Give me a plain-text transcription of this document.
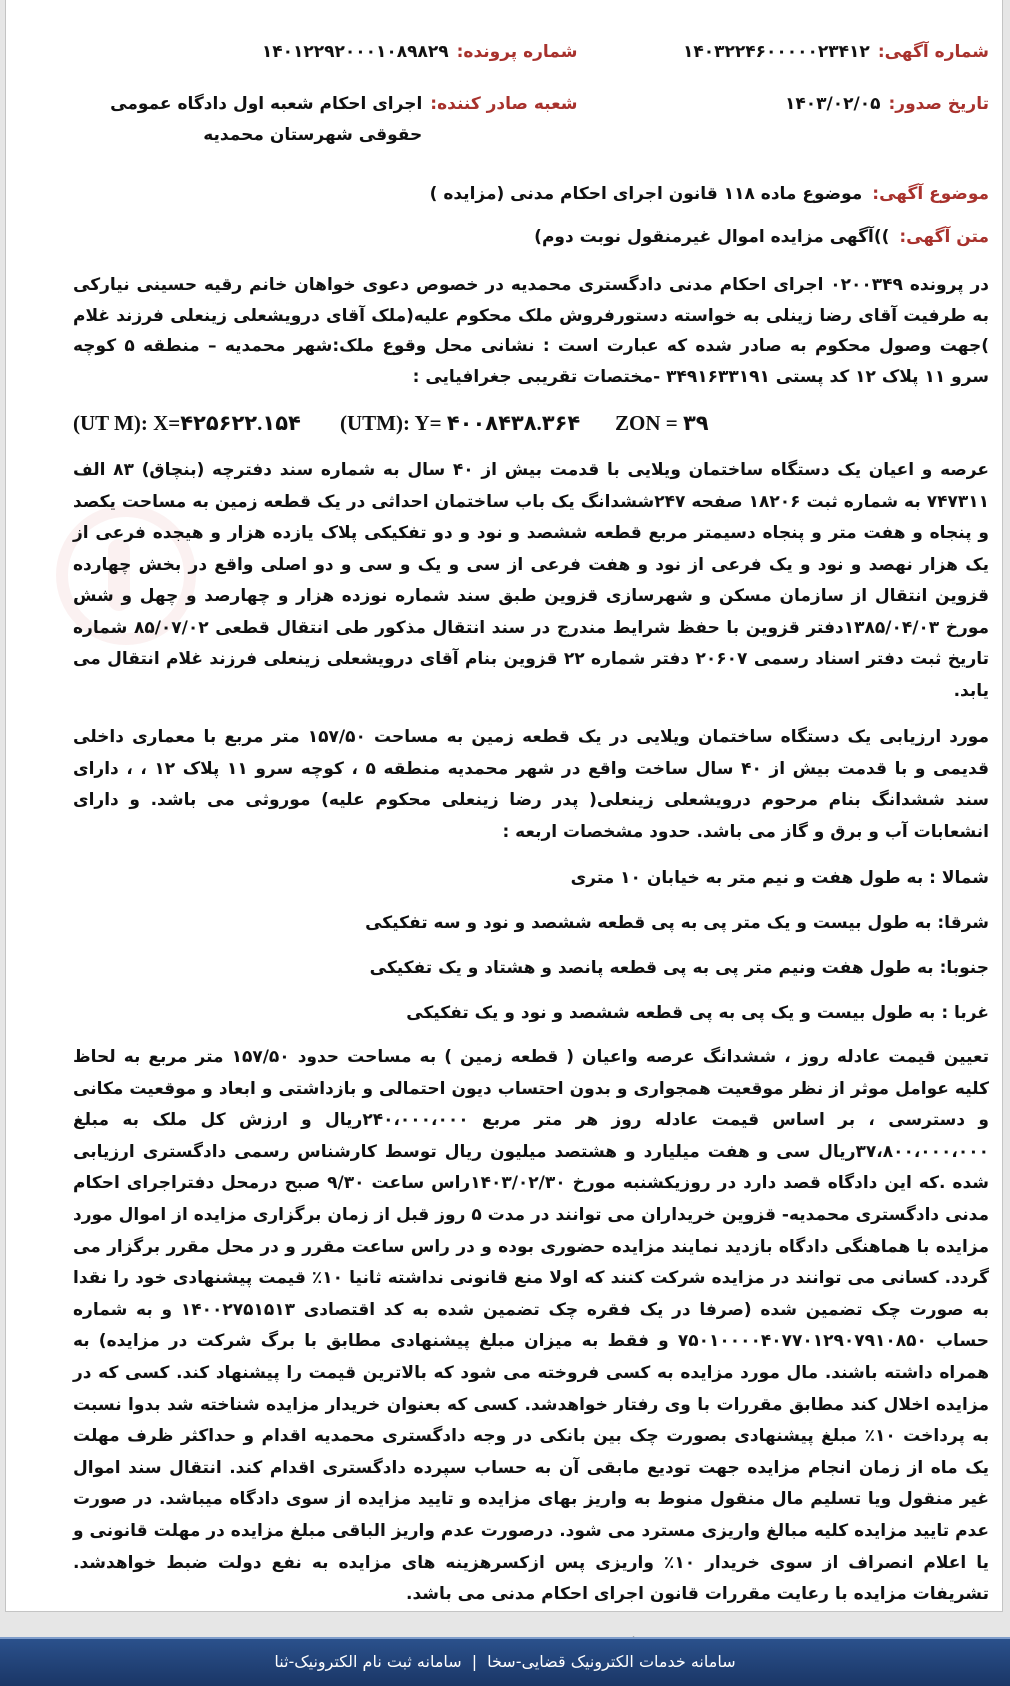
شماره آگهی:
۱۴۰۳۲۲۴۶۰۰۰۰۰۲۳۴۱۲
شماره پرونده:
۱۴۰۱۲۲۹۲۰۰۰۱۰۸۹۸۲۹
تاریخ صدور:
۱۴۰۳/۰۲/۰۵
شعبه صادر کننده:
اجرای احکام شعبه اول دادگاه عمومی حقوقی شهرستان محمدیه
موضوع آگهی:
موضوع ماده ۱۱۸ قانون اجرای احکام مدنی (مزایده )
متن آگهی:
))آگهی مزایده اموال غیرمنقول نوبت دوم)

در پرونده ۰۲۰۰۳۴۹ اجرای احکام مدنی دادگستری محمدیه در خصوص دعوی خواهان خانم رقیه حسینی نیارکی به طرفیت آقای رضا زینلی به خواسته دستورفروش ملک محکوم علیه(ملک آقای درویشعلی زینعلی فرزند غلام )جهت وصول محکوم به صادر شده که عبارت است : نشانی محل وقوع ملک:شهر محمدیه – منطقه ۵ کوچه سرو ۱۱ پلاک ۱۲ کد پستی ۳۴۹۱۶۳۳۱۹۱ -مختصات تقریبی جغرافیایی :

(UT M): X=۴۲۵۶۲۲.۱۵۴ (UTM): Y= ۴۰۰۸۴۳۸.۳۶۴ ZON = ۳۹

عرصه و اعیان یک دستگاه ساختمان ویلایی با قدمت بیش از ۴۰ سال به شماره سند دفترچه (بنچاق) ۸۳ الف ۷۴۷۳۱۱ به شماره ثبت ۱۸۲۰۶ صفحه ۲۴۷ششدانگ یک باب ساختمان احداثی در یک قطعه زمین به مساحت یکصد و پنجاه و هفت متر و پنجاه دسیمتر مربع قطعه ششصد و نود و دو تفکیکی پلاک یازده هزار و هیجده فرعی از یک هزار نهصد و نود و یک فرعی از نود و هفت فرعی از سی و یک و سی و دو اصلی واقع در بخش چهارده قزوین انتقال از سازمان مسکن و شهرسازی قزوین طبق سند شماره نوزده هزار و چهارصد و چهل و شش مورخ ۱۳۸۵/۰۴/۰۳دفتر قزوین با حفظ شرایط مندرج در سند انتقال مذکور طی انتقال قطعی ۸۵/۰۷/۰۲ شماره تاریخ ثبت دفتر اسناد رسمی ۲۰۶۰۷ دفتر شماره ۲۲ قزوین بنام آقای درویشعلی زینعلی فرزند غلام انتقال می یابد.

مورد ارزیابی یک دستگاه ساختمان ویلایی در یک قطعه زمین به مساحت ۱۵۷/۵۰ متر مربع با معماری داخلی قدیمی و با قدمت بیش از ۴۰ سال ساخت واقع در شهر محمدیه منطقه ۵ ، کوچه سرو ۱۱ پلاک ۱۲ ، ، دارای سند ششدانگ بنام مرحوم درویشعلی زینعلی( پدر رضا زینعلی محکوم علیه) موروثی می باشد. و دارای انشعابات آب و برق و گاز می باشد. حدود مشخصات اربعه :

شمالا : به طول هفت و نیم متر به خیابان ۱۰ متری
شرقا: به طول بیست و یک متر پی به پی قطعه ششصد و نود و سه تفکیکی
جنوبا: به طول هفت ونیم متر پی به پی قطعه پانصد و هشتاد و یک تفکیکی
غربا : به طول بیست و یک پی به پی قطعه ششصد و نود و یک تفکیکی

تعیین قیمت عادله روز ، ششدانگ عرصه واعیان ( قطعه زمین ) به مساحت حدود ۱۵۷/۵۰ متر مربع به لحاظ کلیه عوامل موثر از نظر موقعیت همجواری و بدون احتساب دیون احتمالی و بازداشتی و ابعاد و موقعیت مکانی و دسترسی ، بر اساس قیمت عادله روز هر متر مربع ۲۴۰،۰۰۰،۰۰۰ریال و ارزش کل ملک به مبلغ ۳۷،۸۰۰،۰۰۰،۰۰۰ریال سی و هفت میلیارد و هشتصد میلیون ریال توسط کارشناس رسمی دادگستری ارزیابی شده .که این دادگاه قصد دارد در روزیکشنبه مورخ ۱۴۰۳/۰۲/۳۰راس ساعت ۹/۳۰ صبح درمحل دفتراجرای احکام مدنی دادگستری محمدیه- قزوین خریداران می توانند در مدت ۵ روز قبل از زمان برگزاری مزایده از اموال مورد مزایده با هماهنگی دادگاه بازدید نمایند مزایده حضوری بوده و در راس ساعت مقرر و در محل مقرر برگزار می گردد. کسانی می توانند در مزایده شرکت کنند که اولا منع قانونی نداشته ثانیا ۱۰٪ قیمت پیشنهادی خود را نقدا به صورت چک تضمین شده (صرفا در یک فقره چک تضمین شده به کد اقتصادی ۱۴۰۰۲۷۵۱۵۱۳ و به شماره حساب ۷۵۰۱۰۰۰۰۴۰۷۷۰۱۲۹۰۷۹۱۰۸۵۰ و فقط به میزان مبلغ پیشنهادی مطابق با برگ شرکت در مزایده) به همراه داشته باشند. مال مورد مزایده به کسی فروخته می شود که بالاترین قیمت را پیشنهاد کند. کسی که در مزایده اخلال کند مطابق مقررات با وی رفتار خواهدشد. کسی که بعنوان خریدار مزایده شناخته شد بدوا نسبت به پرداخت ۱۰٪ مبلغ پیشنهادی بصورت چک بین بانکی در وجه دادگستری محمدیه اقدام و حداکثر ظرف مهلت یک ماه از زمان انجام مزایده جهت تودیع مابقی آن به حساب سپرده دادگستری اقدام کند. انتقال سند اموال غیر منقول ویا تسلیم مال منقول منوط به واریز بهای مزایده و تایید مزایده از سوی دادگاه میباشد. در صورت عدم تایید مزایده کلیه مبالغ واریزی مسترد می شود. درصورت عدم واریز الباقی مبلغ مزایده در مهلت قانونی و یا اعلام انصراف از سوی خریدار ۱۰٪ واریزی پس ازکسرهزینه های مزایده به نفع دولت ضبط خواهدشد. تشریفات مزایده با رعایت مقررات قانون اجرای احکام مدنی می باشد.

سامانه خدمات الکترونیک قضایی-سخا|سامانه ثبت نام الکترونیک-ثنا
